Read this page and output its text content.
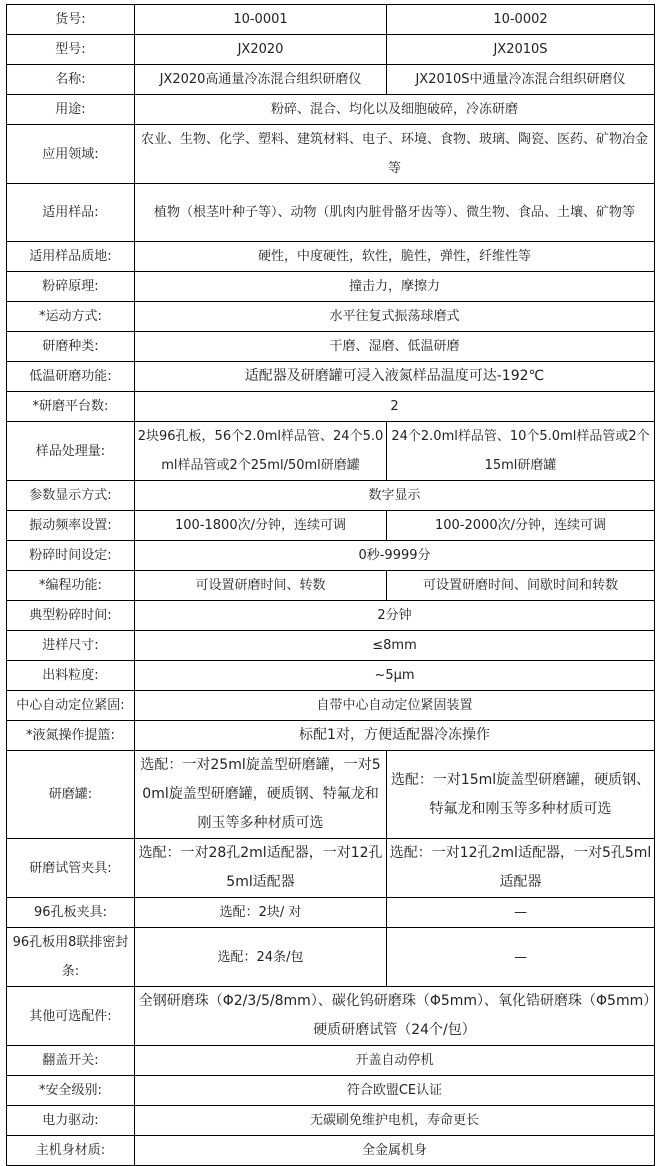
货号:	10-0001	10-0002
型号:	JX2020	JX2010S
名称:	JX2020高通量冷冻混合组织研磨仪	JX2010S中通量冷冻混合组织研磨仪
用途:	粉碎、混合、均化以及细胞破碎，冷冻研磨	
应用领域:	农业、生物、化学、塑料、建筑材料、电子、环境、食物、玻璃、陶瓷、医药、矿物冶金等	
适用样品:	植物（根茎叶种子等）、动物（肌肉内脏骨骼牙齿等）、微生物、食品、土壤、矿物等	
适用样品质地:	硬性，中度硬性，软性，脆性，弹性，纤维性等	
粉碎原理:	撞击力，摩擦力	
*运动方式:	水平往复式振荡球磨式	
研磨种类:	干磨、湿磨、低温研磨	
低温研磨功能:	适配器及研磨罐可浸入液氮样品温度可达-192℃	
*研磨平台数:	2	
样品处理量:	2块96孔板，56个2.0ml样品管、24个5.0ml样品管或2个25ml/50ml研磨罐	24个2.0ml样品管、10个5.0ml样品管或2个15ml研磨罐
参数显示方式:	数字显示	
振动频率设置:	100-1800次/分钟，连续可调	100-2000次/分钟，连续可调
粉碎时间设定:	0秒-9999分	
*编程功能:	可设置研磨时间、转数	可设置研磨时间、间歇时间和转数
典型粉碎时间:	2分钟	
进样尺寸:	≤8mm	
出料粒度:	~5μm	
中心自动定位紧固:	自带中心自动定位紧固装置	
*液氮操作提篮:	标配1对，方便适配器冷冻操作	
研磨罐:	选配：一对25ml旋盖型研磨罐，一对50ml旋盖型研磨罐，硬质钢、特氟龙和刚玉等多种材质可选	选配：一对15ml旋盖型研磨罐，硬质钢、特氟龙和刚玉等多种材质可选
研磨试管夹具:	选配：一对28孔2ml适配器，一对12孔5ml适配器	选配：一对12孔2ml适配器，一对5孔5ml适配器
96孔板夹具:	选配：2块/ 对	—
96孔板用8联排密封条:	选配：24条/包	—
其他可选配件:	全钢研磨珠（Φ2/3/5/8mm）、碳化钨研磨珠（Φ5mm）、氧化锆研磨珠（Φ5mm）硬质研磨试管（24个/包）	
翻盖开关:	开盖自动停机	
*安全级别:	符合欧盟CE认证	
电力驱动:	无碳刷免维护电机，寿命更长	
主机身材质:	全金属机身	
